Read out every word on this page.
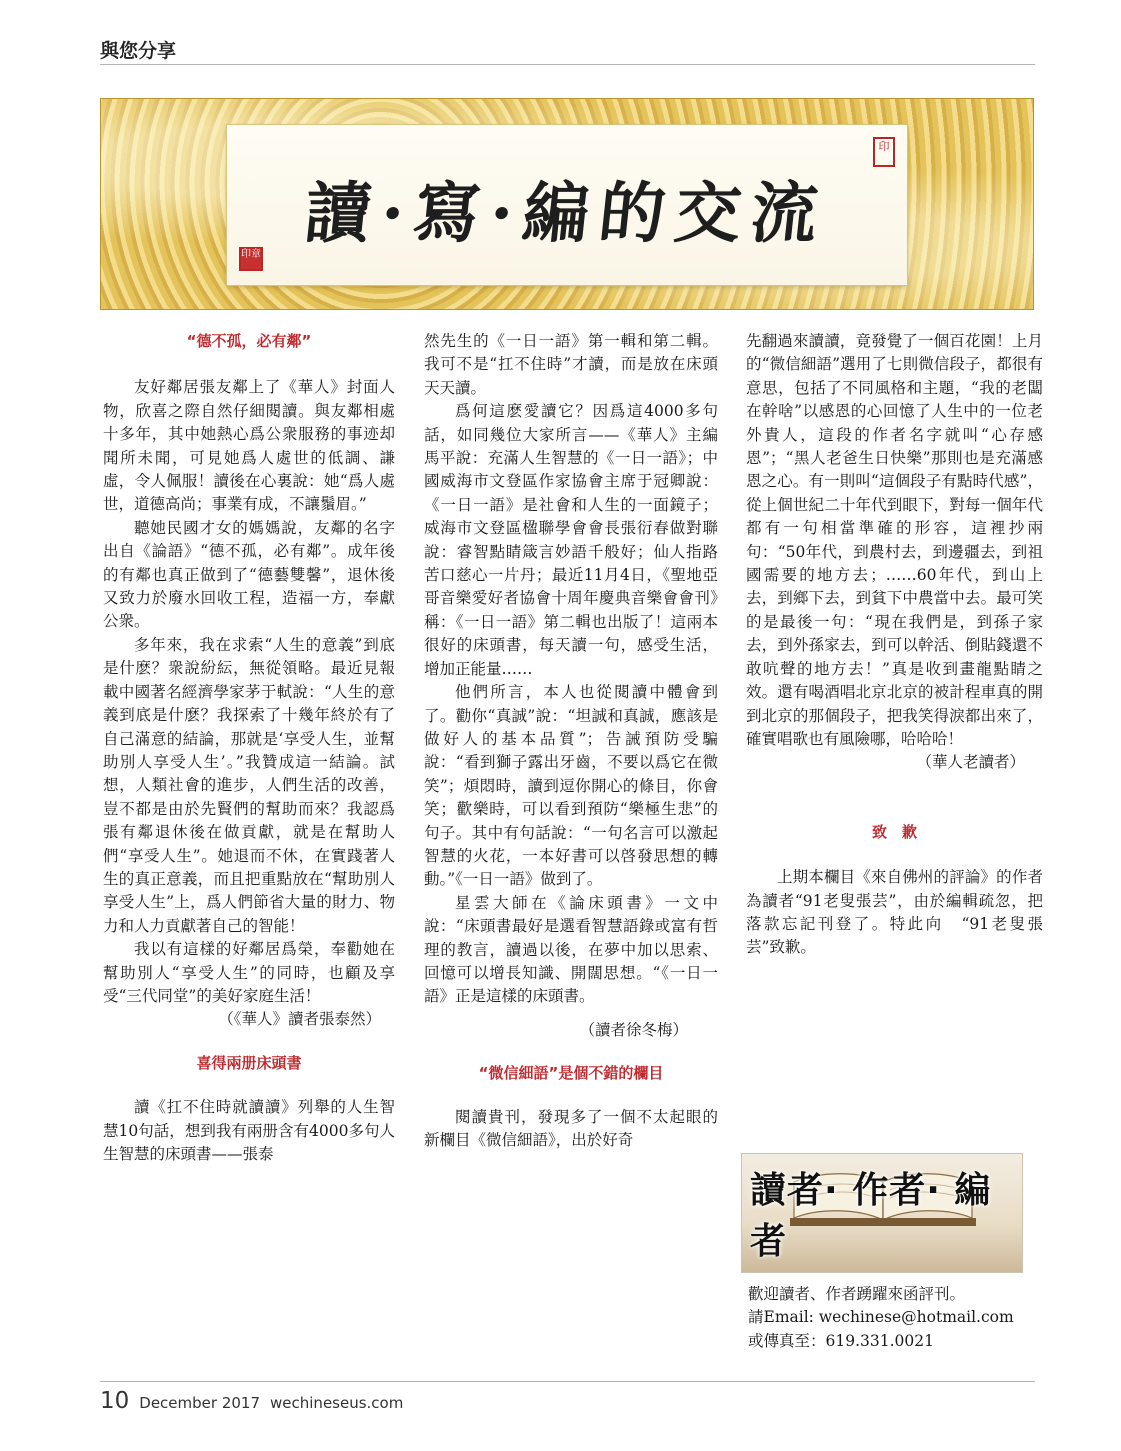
與您分享
讀·寫·編的交流
印
印章

“德不孤，必有鄰”

友好鄰居張友鄰上了《華人》封面人物，欣喜之際自然仔細閱讀。與友鄰相處十多年，其中她熱心爲公衆服務的事迹却聞所未聞，可見她爲人處世的低調、謙虛，令人佩服！讀後在心裏說：她“爲人處世，道德高尚；事業有成，不讓鬚眉。”

聽她民國才女的媽媽說，友鄰的名字出自《論語》“德不孤，必有鄰”。成年後的有鄰也真正做到了“德藝雙馨”，退休後又致力於廢水回收工程，造福一方，奉獻公衆。

多年來，我在求索“人生的意義”到底是什麽？衆說紛紜，無從領略。最近見報載中國著名經濟學家茅于軾說：“人生的意義到底是什麽？我探索了十幾年終於有了自己滿意的結論，那就是‘享受人生，並幫助別人享受人生’。”我贊成這一結論。試想，人類社會的進步，人們生活的改善，豈不都是由於先賢們的幫助而來？我認爲張有鄰退休後在做貢獻，就是在幫助人們“享受人生”。她退而不休，在實踐著人生的真正意義，而且把重點放在“幫助別人享受人生”上，爲人們節省大量的財力、物力和人力貢獻著自己的智能！

我以有這樣的好鄰居爲榮，奉勸她在幫助別人“享受人生”的同時，也顧及享受“三代同堂”的美好家庭生活！

（《華人》讀者張泰然）

喜得兩册床頭書

讀《扛不住時就讀讀》列舉的人生智慧10句話，想到我有兩册含有4000多句人生智慧的床頭書——張泰

然先生的《一日一語》第一輯和第二輯。我可不是“扛不住時”才讀，而是放在床頭天天讀。

爲何這麽愛讀它？因爲這4000多句話，如同幾位大家所言——《華人》主編馬平說：充滿人生智慧的《一日一語》；中國威海市文登區作家協會主席于冠卿說：《一日一語》是社會和人生的一面鏡子；威海市文登區楹聯學會會長張衍春做對聯說：睿智點睛箴言妙語千般好；仙人指路苦口慈心一片丹；最近11月4日，《聖地亞哥音樂愛好者協會十周年慶典音樂會會刊》稱：《一日一語》第二輯也出版了！這兩本很好的床頭書，每天讀一句，感受生活，增加正能量……

他們所言，本人也從閱讀中體會到了。勸你“真誠”說：“坦誠和真誠，應該是做好人的基本品質”；告誡預防受騙說：“看到獅子露出牙齒，不要以爲它在微笑”；煩悶時，讀到逗你開心的條目，你會笑；歡樂時，可以看到預防“樂極生悲”的句子。其中有句話說：“一句名言可以激起智慧的火花，一本好書可以啓發思想的轉動。”《一日一語》做到了。

星雲大師在《論床頭書》一文中說：“床頭書最好是選看智慧語錄或富有哲理的教言，讀過以後，在夢中加以思索、回憶可以增長知識、開闊思想。“《一日一語》正是這樣的床頭書。

（讀者徐冬梅）

“微信細語”是個不錯的欄目

閱讀貴刊，發現多了一個不太起眼的新欄目《微信細語》，出於好奇

先翻過來讀讀，竟發覺了一個百花園！上月的“微信細語”選用了七則微信段子，都很有意思，包括了不同風格和主題，“我的老闆在幹啥”以感恩的心回憶了人生中的一位老外貴人，這段的作者名字就叫“心存感恩”；“黑人老爸生日快樂”那則也是充滿感恩之心。有一則叫“這個段子有點時代感”，從上個世紀二十年代到眼下，對每一個年代都有一句相當準確的形容，這裡抄兩句：“50年代，到農村去，到邊疆去，到祖國需要的地方去；……60年代，到山上去，到鄉下去，到貧下中農當中去。最可笑的是最後一句：“現在我們是，到孫子家去，到外孫家去，到可以幹活、倒貼錢還不敢吭聲的地方去！”真是收到畫龍點睛之效。還有喝酒唱北京北京的被計程車真的開到北京的那個段子，把我笑得淚都出來了，確實唱歌也有風險哪，哈哈哈！

（華人老讀者）

致　歉

上期本欄目《來自佛州的評論》的作者為讀者“91老叟張芸”，由於編輯疏忽，把落款忘記刊登了。特此向　“91老叟張芸”致歉。

讀者· 作者· 編者
歡迎讀者、作者踴躍來函評刊。
請Email: wechinese@hotmail.com
或傳真至：619.331.0021
10 December 2017 wechineseus.com
